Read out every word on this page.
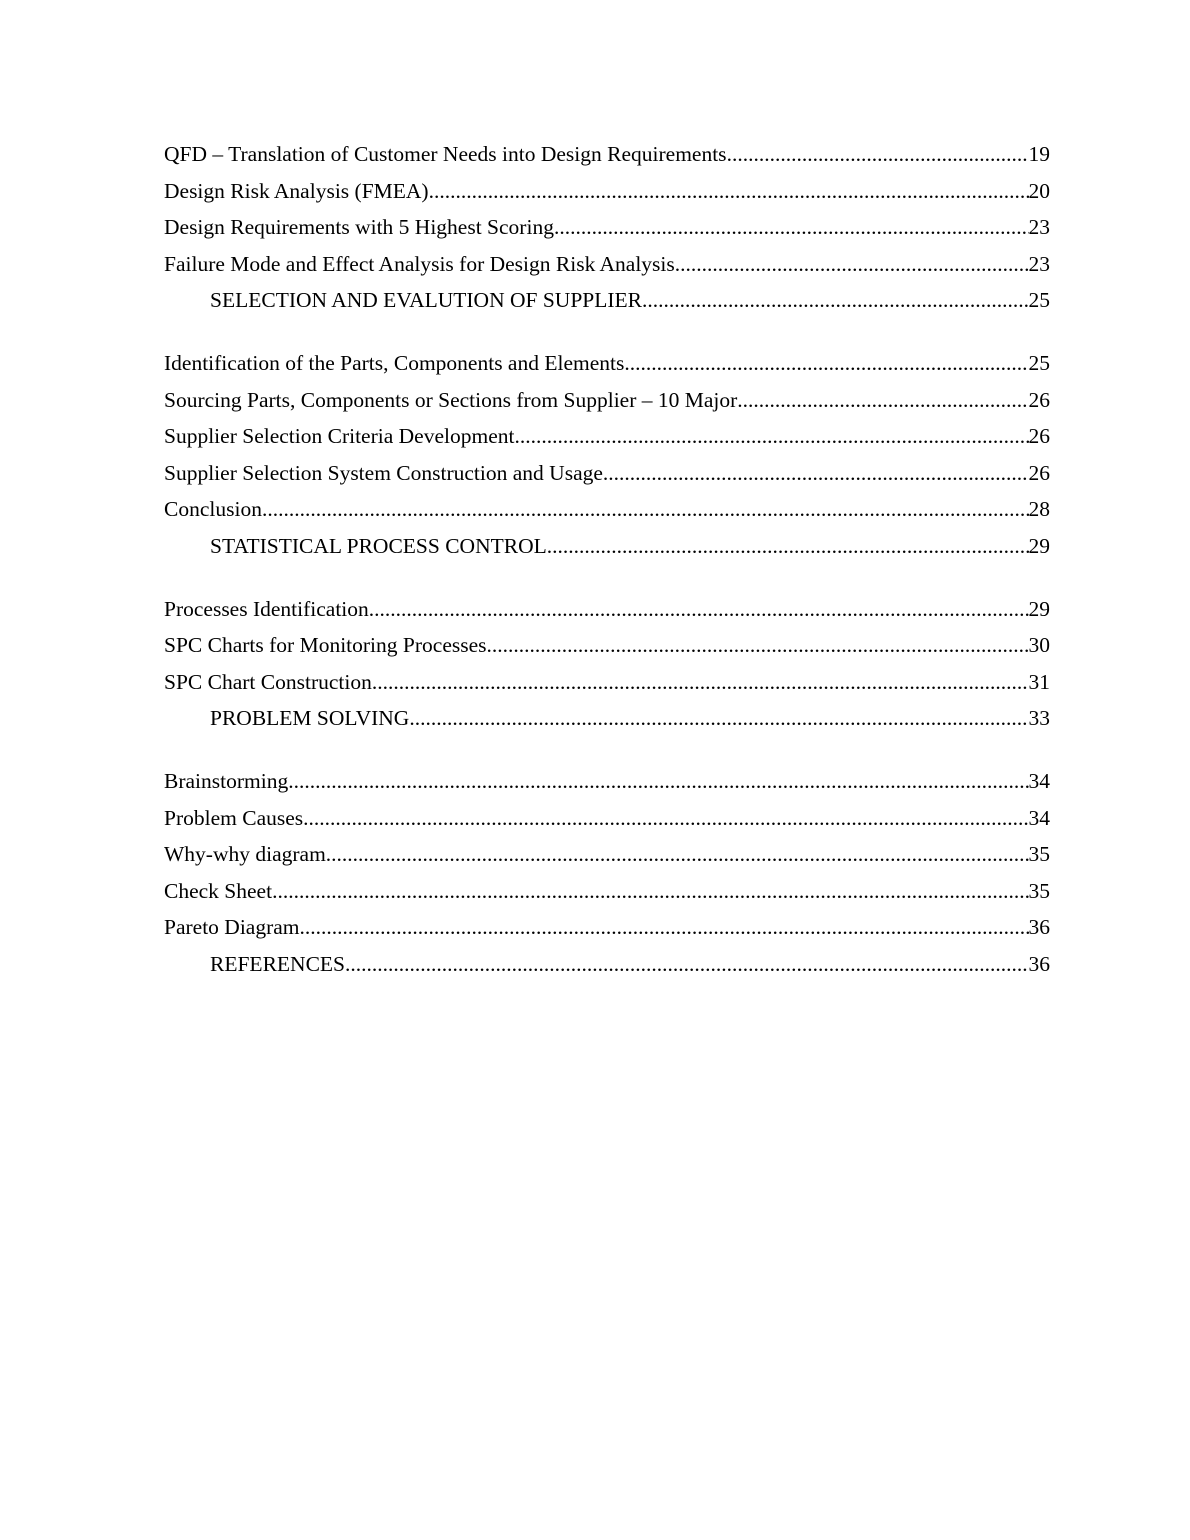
QFD – Translation of Customer Needs into Design Requirements .....	19
Design Risk Analysis (FMEA) .....	20
Design Requirements with 5 Highest Scoring .....	23
Failure Mode and Effect Analysis for Design Risk Analysis .....	23
SELECTION AND EVALUTION OF SUPPLIER .....	25
Identification of the Parts, Components and Elements .....	25
Sourcing Parts, Components or Sections from Supplier – 10 Major .....	26
Supplier Selection Criteria Development .....	26
Supplier Selection System Construction and Usage .....	26
Conclusion .....	28
STATISTICAL PROCESS CONTROL .....	29
Processes Identification .....	29
SPC Charts for Monitoring Processes .....	30
SPC Chart Construction .....	31
PROBLEM SOLVING .....	33
Brainstorming .....	34
Problem Causes .....	34
Why-why diagram .....	35
Check Sheet .....	35
Pareto Diagram .....	36
REFERENCES .....	36
